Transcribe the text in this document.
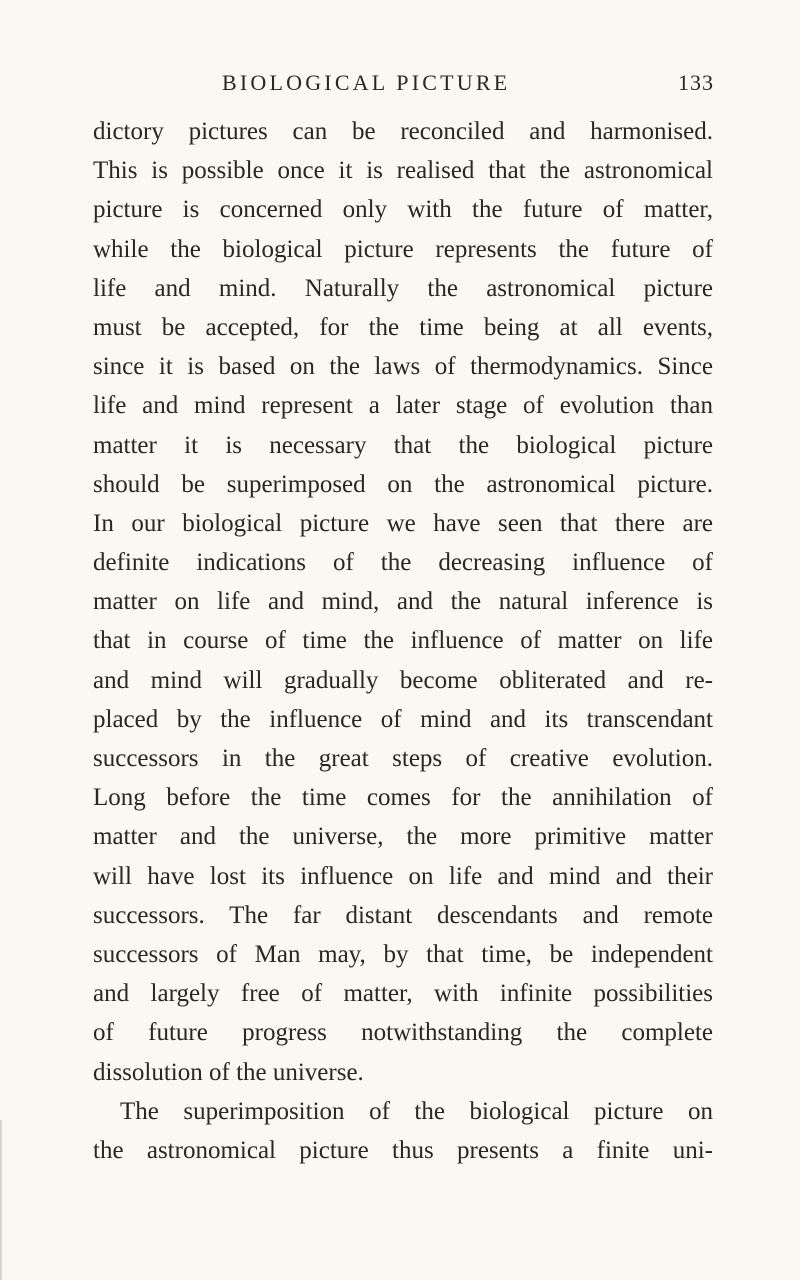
BIOLOGICAL PICTURE	133
dictory pictures can be reconciled and harmonised.
This is possible once it is realised that the astronomical
picture is concerned only with the future of matter,
while the biological picture represents the future of
life and mind. Naturally the astronomical picture
must be accepted, for the time being at all events,
since it is based on the laws of thermodynamics. Since
life and mind represent a later stage of evolution than
matter it is necessary that the biological picture
should be superimposed on the astronomical picture.
In our biological picture we have seen that there are
definite indications of the decreasing influence of
matter on life and mind, and the natural inference is
that in course of time the influence of matter on life
and mind will gradually become obliterated and re-
placed by the influence of mind and its transcendant
successors in the great steps of creative evolution.
Long before the time comes for the annihilation of
matter and the universe, the more primitive matter
will have lost its influence on life and mind and their
successors. The far distant descendants and remote
successors of Man may, by that time, be independent
and largely free of matter, with infinite possibilities
of future progress notwithstanding the complete
dissolution of the universe.
The superimposition of the biological picture on
the astronomical picture thus presents a finite uni-
